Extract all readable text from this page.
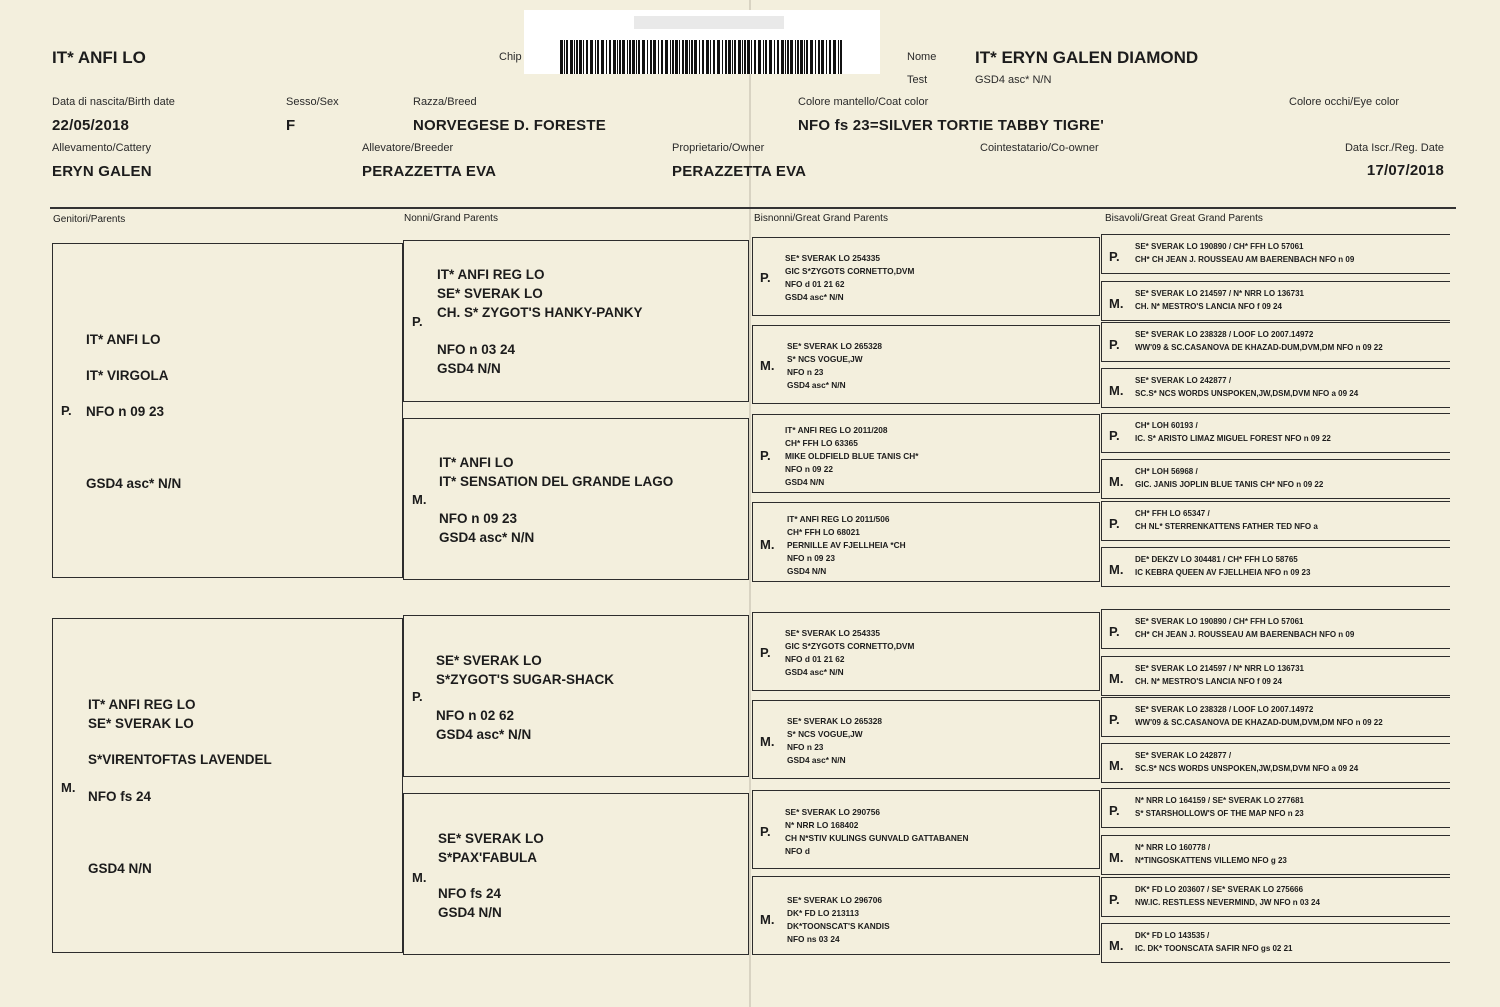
IT* ANFI LO	Chip	Nome IT* ERYN GALEN DIAMOND
Test	GSD4 asc* N/N
Data di nascita/Birth date
22/05/2018
Sesso/Sex
F
Razza/Breed
NORVEGESE D. FORESTE
Colore mantello/Coat color
NFO fs 23=SILVER TORTIE TABBY TIGRE'
Colore occhi/Eye color
Allevamento/Cattery
ERYN GALEN
Allevatore/Breeder
PERAZZETTA EVA
Proprietario/Owner
PERAZZETTA EVA
Cointestatario/Co-owner	Data Iscr./Reg. Date
17/07/2018
Genitori/Parents	Nonni/Grand Parents	Bisnonni/Great Grand Parents	Bisavoli/Great Great Grand Parents
P.
IT* ANFI LO
IT* VIRGOLA
NFO n 09 23
GSD4 asc* N/N
M.
IT* ANFI REG LO
SE* SVERAK LO
S*VIRENTOFTAS LAVENDEL
NFO fs 24
GSD4 N/N
P.
IT* ANFI REG LO
SE* SVERAK LO
CH. S* ZYGOT'S HANKY-PANKY
NFO n 03 24
GSD4 N/N
M.
IT* ANFI LO
IT* SENSATION DEL GRANDE LAGO
NFO n 09 23
GSD4 asc* N/N
P.
SE* SVERAK LO
S*ZYGOT'S SUGAR-SHACK
NFO n 02 62
GSD4 asc* N/N
M.
SE* SVERAK LO
S*PAX'FABULA
NFO fs 24
GSD4 N/N
P.
SE* SVERAK LO 254335
GIC S*ZYGOTS CORNETTO,DVM
NFO d 01 21 62
GSD4 asc* N/N
M.
SE* SVERAK LO 265328
S* NCS VOGUE,JW
NFO n 23
GSD4 asc* N/N
P.
IT* ANFI REG LO 2011/208
CH* FFH LO 63365
MIKE OLDFIELD BLUE TANIS CH*
NFO n 09 22
GSD4 N/N
M.
IT* ANFI REG LO 2011/506
CH* FFH LO 68021
PERNILLE AV FJELLHEIA *CH
NFO n 09 23
GSD4 N/N
P.
SE* SVERAK LO 254335
GIC S*ZYGOTS CORNETTO,DVM
NFO d 01 21 62
GSD4 asc* N/N
M.
SE* SVERAK LO 265328
S* NCS VOGUE,JW
NFO n 23
GSD4 asc* N/N
P.
SE* SVERAK LO 290756
N* NRR LO 168402
CH N*STIV KULINGS GUNVALD GATTABANEN
NFO d
M.
SE* SVERAK LO 296706
DK* FD LO 213113
DK*TOONSCAT'S KANDIS
NFO ns 03 24
P.
SE* SVERAK LO 190890 / CH* FFH LO 57061
CH* CH JEAN J. ROUSSEAU AM BAERENBACH NFO n 09
M.
SE* SVERAK LO 214597 / N* NRR LO 136731
CH. N* MESTRO'S LANCIA NFO f 09 24
P.
SE* SVERAK LO 238328 / LOOF LO 2007.14972
WW'09 & SC.CASANOVA DE KHAZAD-DUM,DVM,DM NFO n 09 22
M.
SE* SVERAK LO 242877 /
SC.S* NCS WORDS UNSPOKEN,JW,DSM,DVM NFO a 09 24
P.
CH* LOH 60193 /
IC. S* ARISTO LIMAZ MIGUEL FOREST NFO n 09 22
M.
CH* LOH 56968 /
GIC. JANIS JOPLIN BLUE TANIS CH* NFO n 09 22
P.
CH* FFH LO 65347 /
CH NL* STERRENKATTENS FATHER TED NFO a
M.
DE* DEKZV LO 304481 / CH* FFH LO 58765
IC KEBRA QUEEN AV FJELLHEIA NFO n 09 23
P.
SE* SVERAK LO 190890 / CH* FFH LO 57061
CH* CH JEAN J. ROUSSEAU AM BAERENBACH NFO n 09
M.
SE* SVERAK LO 214597 / N* NRR LO 136731
CH. N* MESTRO'S LANCIA NFO f 09 24
P.
SE* SVERAK LO 238328 / LOOF LO 2007.14972
WW'09 & SC.CASANOVA DE KHAZAD-DUM,DVM,DM NFO n 09 22
M.
SE* SVERAK LO 242877 /
SC.S* NCS WORDS UNSPOKEN,JW,DSM,DVM NFO a 09 24
P.
N* NRR LO 164159 / SE* SVERAK LO 277681
S* STARSHOLLOW'S OF THE MAP NFO n 23
M.
N* NRR LO 160778 /
N*TINGOSKATTENS VILLEMO NFO g 23
P.
DK* FD LO 203607 / SE* SVERAK LO 275666
NW.IC. RESTLESS NEVERMIND, JW NFO n 03 24
M.
DK* FD LO 143535 /
IC. DK* TOONSCATA SAFIR NFO gs 02 21
